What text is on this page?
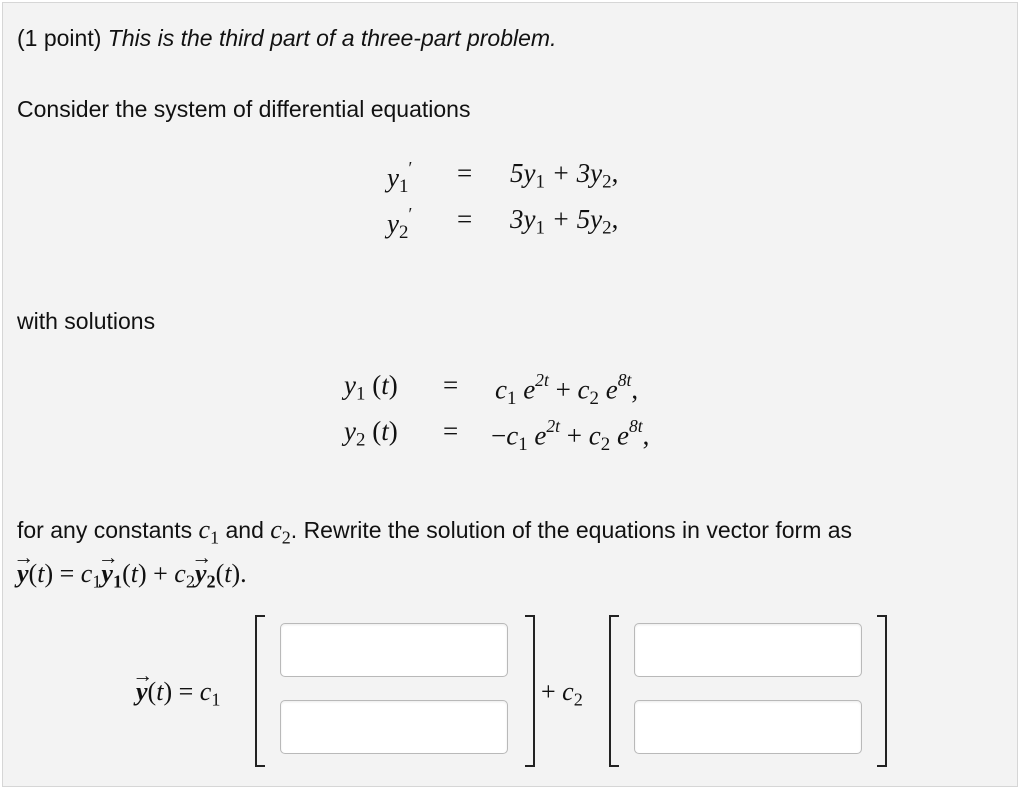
(1 point) This is the third part of a three-part problem.
Consider the system of differential equations
$y_1' = 5y_1 + 3y_2$,
$y_2' = 3y_1 + 5y_2$,
with solutions
$y_1$ $(t) = c_1$ $e^{2t} + c_2$ $e^{8t}$,
$y_2$ $(t) = -c_1$ $e^{2t} + c_2$ $e^{8t}$,
for any constants $c_1$ and $c_2$. Rewrite the solution of the equations in vector form as
→ $y(t) = c_1\to y_1(t) + c_2\to y_2(t)$.
→ $y(t) = c_1$	+ $c_2$
